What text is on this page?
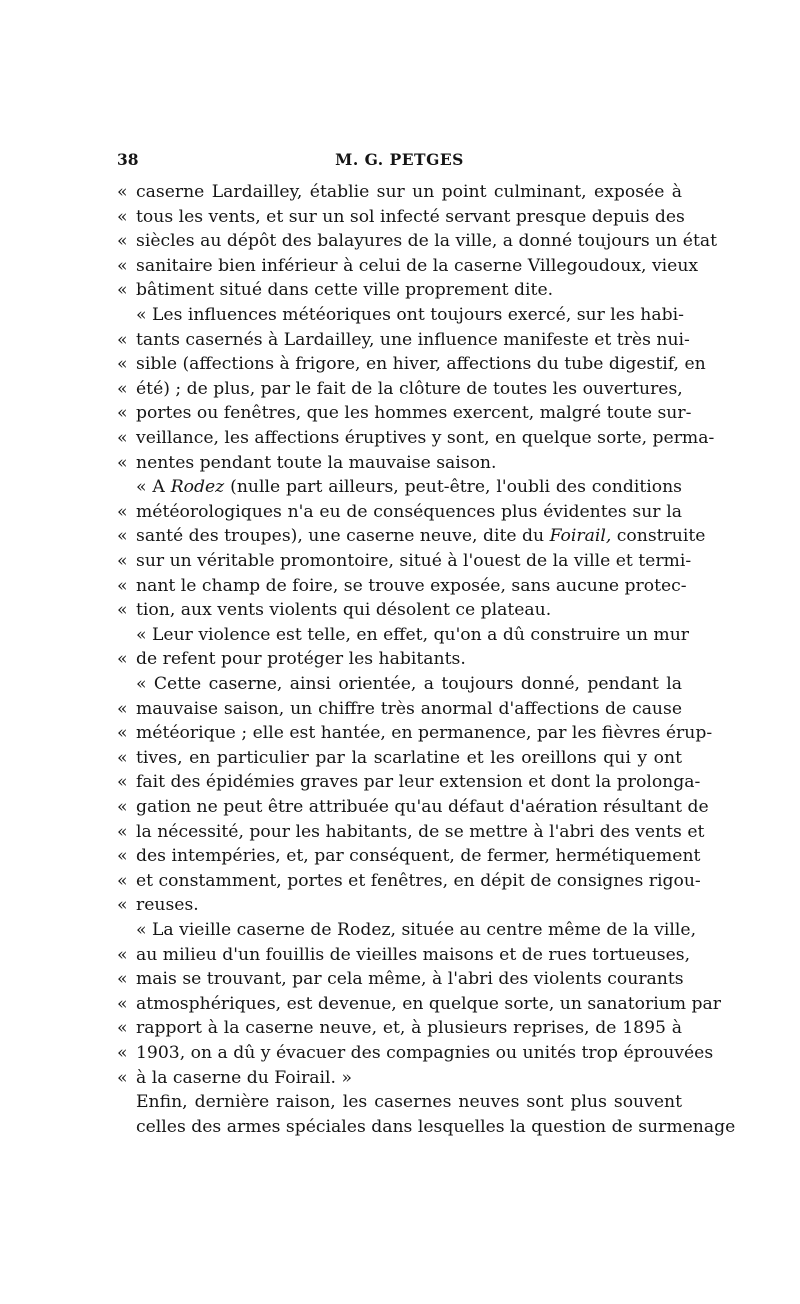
38	M. G. PETGES
« caserne Lardailley, établie sur un point culminant, exposée à
« tous les vents, et sur un sol infecté servant presque depuis des
« siècles au dépôt des balayures de la ville, a donné toujours un état
« sanitaire bien inférieur à celui de la caserne Villegoudoux, vieux
« bâtiment situé dans cette ville proprement dite.
« Les influences météoriques ont toujours exercé, sur les habi-
« tants casernés à Lardailley, une influence manifeste et très nui-
« sible (affections à frigore, en hiver, affections du tube digestif, en
« été) ; de plus, par le fait de la clôture de toutes les ouvertures,
« portes ou fenêtres, que les hommes exercent, malgré toute sur-
« veillance, les affections éruptives y sont, en quelque sorte, perma-
« nentes pendant toute la mauvaise saison.
« A Rodez (nulle part ailleurs, peut-être, l'oubli des conditions
« météorologiques n'a eu de conséquences plus évidentes sur la
« santé des troupes), une caserne neuve, dite du Foirail, construite
« sur un véritable promontoire, situé à l'ouest de la ville et termi-
« nant le champ de foire, se trouve exposée, sans aucune protec-
« tion, aux vents violents qui désolent ce plateau.
« Leur violence est telle, en effet, qu'on a dû construire un mur
« de refent pour protéger les habitants.
« Cette caserne, ainsi orientée, a toujours donné, pendant la
« mauvaise saison, un chiffre très anormal d'affections de cause
« météorique ; elle est hantée, en permanence, par les fièvres érup-
« tives, en particulier par la scarlatine et les oreillons qui y ont
« fait des épidémies graves par leur extension et dont la prolonga-
« gation ne peut être attribuée qu'au défaut d'aération résultant de
« la nécessité, pour les habitants, de se mettre à l'abri des vents et
« des intempéries, et, par conséquent, de fermer, hermétiquement
« et constamment, portes et fenêtres, en dépit de consignes rigou-
« reuses.
« La vieille caserne de Rodez, située au centre même de la ville,
« au milieu d'un fouillis de vieilles maisons et de rues tortueuses,
« mais se trouvant, par cela même, à l'abri des violents courants
« atmosphériques, est devenue, en quelque sorte, un sanatorium par
« rapport à la caserne neuve, et, à plusieurs reprises, de 1895 à
« 1903, on a dû y évacuer des compagnies ou unités trop éprouvées
« à la caserne du Foirail. »
Enfin, dernière raison, les casernes neuves sont plus souvent
celles des armes spéciales dans lesquelles la question de surmenage
